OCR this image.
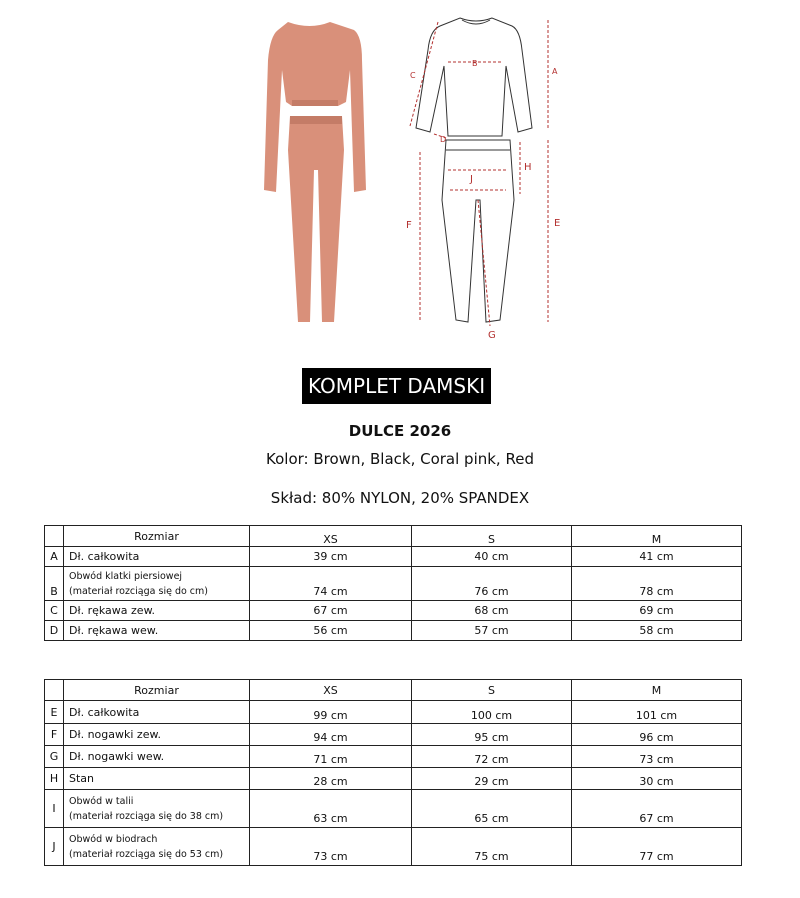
A
B
C
D
E
F
G
H
J
KOMPLET DAMSKI
DULCE 2026
Kolor: Brown, Black, Coral pink, Red
Skład: 80% NYLON, 20% SPANDEX
	Rozmiar	XS	S	M
A	Dł. całkowita	39 cm	40 cm	41 cm
B	Obwód klatki piersiowej
(materiał rozciąga się do cm)	74 cm	76 cm	78 cm
C	Dł. rękawa zew.	67 cm	68 cm	69 cm
D	Dł. rękawa wew.	56 cm	57 cm	58 cm
	Rozmiar	XS	S	M
E	Dł. całkowita	99 cm	100 cm	101 cm
F	Dł. nogawki zew.	94 cm	95 cm	96 cm
G	Dł. nogawki wew.	71 cm	72 cm	73 cm
H	Stan	28 cm	29 cm	30 cm
I	Obwód w talii
(materiał rozciąga się do 38 cm)	63 cm	65 cm	67 cm
J	Obwód w biodrach
(materiał rozciąga się do 53 cm)	73 cm	75 cm	77 cm
